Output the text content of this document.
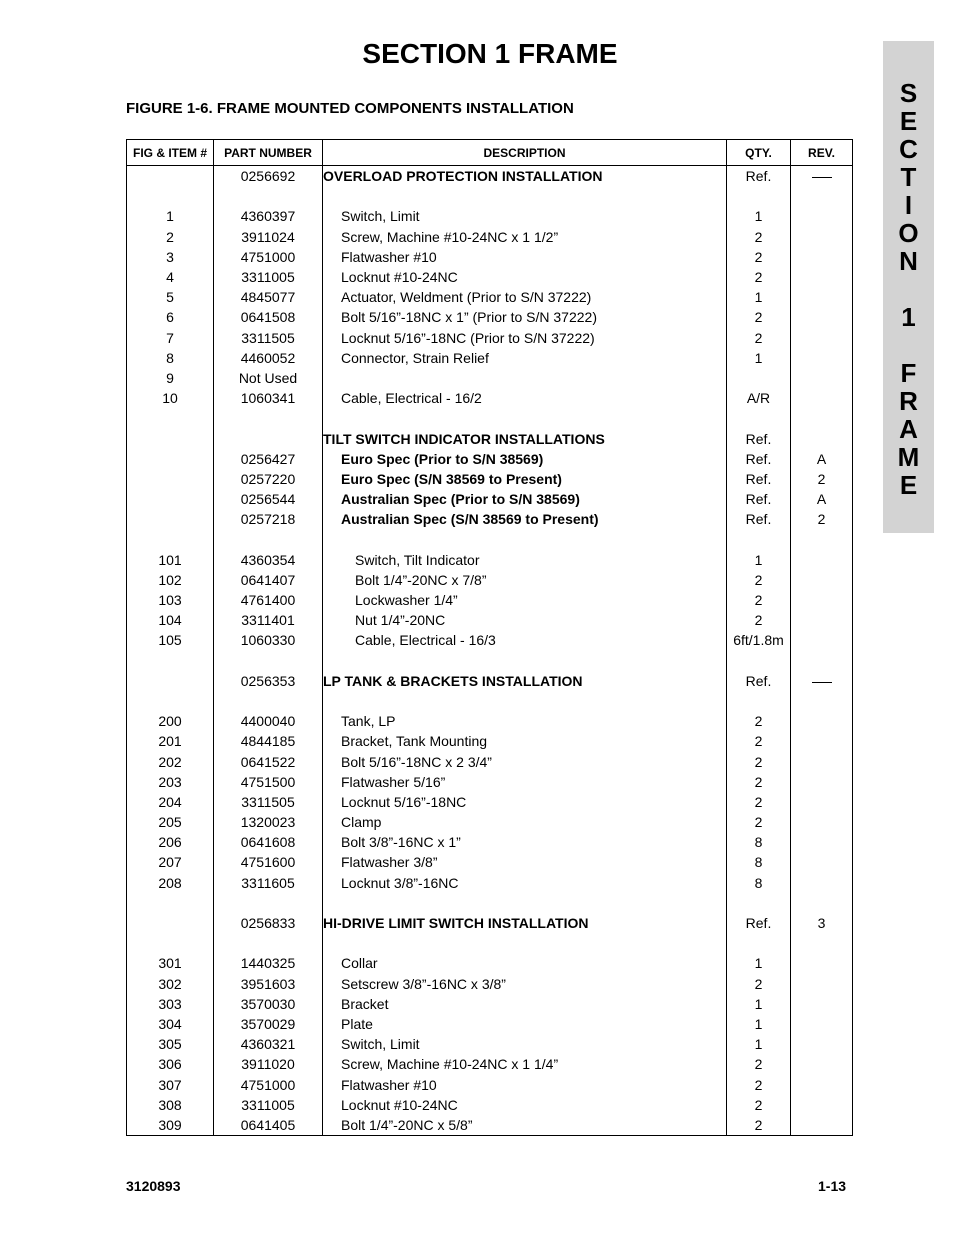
SECTION 1 FRAME
FIGURE 1-6. FRAME MOUNTED COMPONENTS INSTALLATION
S
E
C
T
I
O
N
1
F
R
A
M
E
FIG & ITEM #	PART NUMBER	DESCRIPTION	QTY.	REV.
	0256692	OVERLOAD PROTECTION INSTALLATION	Ref.	

1	4360397	Switch, Limit	1	
2	3911024	Screw, Machine #10-24NC x 1 1/2”	2	
3	4751000	Flatwasher #10	2	
4	3311005	Locknut #10-24NC	2	
5	4845077	Actuator, Weldment (Prior to S/N 37222)	1	
6	0641508	Bolt 5/16”-18NC x 1” (Prior to S/N 37222)	2	
7	3311505	Locknut 5/16”-18NC (Prior to S/N 37222)	2	
8	4460052	Connector, Strain Relief	1	
9	Not Used			
10	1060341	Cable, Electrical - 16/2	A/R	

		TILT SWITCH INDICATOR INSTALLATIONS	Ref.	
	0256427	Euro Spec (Prior to S/N 38569)	Ref.	A
	0257220	Euro Spec (S/N 38569 to Present)	Ref.	2
	0256544	Australian Spec (Prior to S/N 38569)	Ref.	A
	0257218	Australian Spec (S/N 38569 to Present)	Ref.	2

101	4360354	Switch, Tilt Indicator	1	
102	0641407	Bolt 1/4”-20NC x 7/8”	2	
103	4761400	Lockwasher 1/4”	2	
104	3311401	Nut 1/4”-20NC	2	
105	1060330	Cable, Electrical - 16/3	6ft/1.8m	

	0256353	LP TANK & BRACKETS INSTALLATION	Ref.	

200	4400040	Tank, LP	2	
201	4844185	Bracket, Tank Mounting	2	
202	0641522	Bolt 5/16”-18NC x 2 3/4”	2	
203	4751500	Flatwasher 5/16”	2	
204	3311505	Locknut 5/16”-18NC	2	
205	1320023	Clamp	2	
206	0641608	Bolt 3/8”-16NC x 1”	8	
207	4751600	Flatwasher 3/8”	8	
208	3311605	Locknut 3/8”-16NC	8	

	0256833	HI-DRIVE LIMIT SWITCH INSTALLATION	Ref.	3

301	1440325	Collar	1	
302	3951603	Setscrew 3/8”-16NC x 3/8”	2	
303	3570030	Bracket	1	
304	3570029	Plate	1	
305	4360321	Switch, Limit	1	
306	3911020	Screw, Machine #10-24NC x 1 1/4”	2	
307	4751000	Flatwasher #10	2	
308	3311005	Locknut #10-24NC	2	
309	0641405	Bolt 1/4”-20NC x 5/8”	2	
3120893	1-13
